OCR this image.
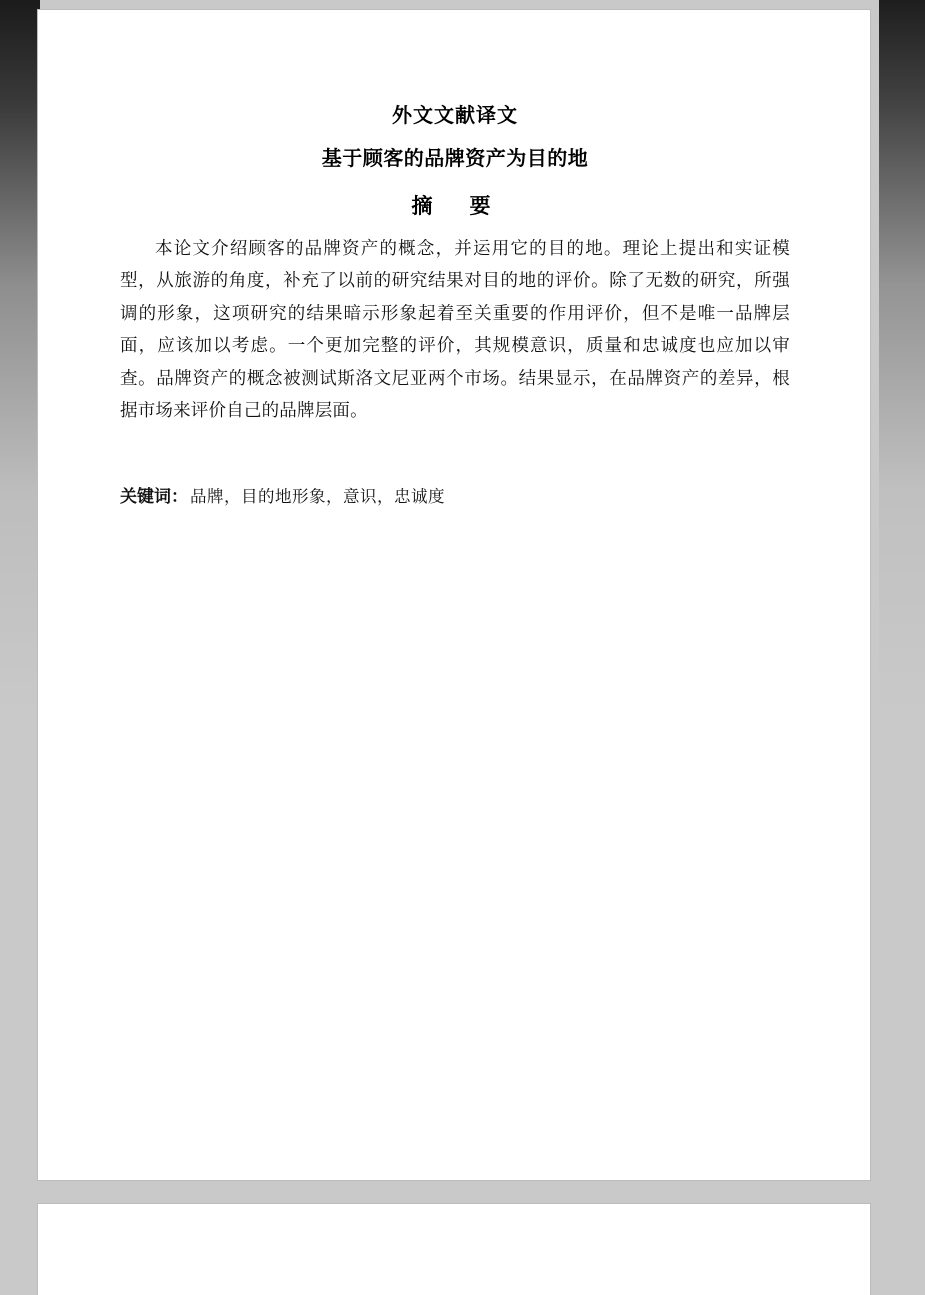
外文文献译文
基于顾客的品牌资产为目的地
摘　要

本论文介绍顾客的品牌资产的概念，并运用它的目的地。理论上提出和实证模型，从旅游的角度，补充了以前的研究结果对目的地的评价。除了无数的研究，所强调的形象，这项研究的结果暗示形象起着至关重要的作用评价，但不是唯一品牌层面，应该加以考虑。一个更加完整的评价，其规模意识，质量和忠诚度也应加以审查。品牌资产的概念被测试斯洛文尼亚两个市场。结果显示，在品牌资产的差异，根据市场来评价自己的品牌层面。

关键词： 品牌，目的地形象，意识，忠诚度
